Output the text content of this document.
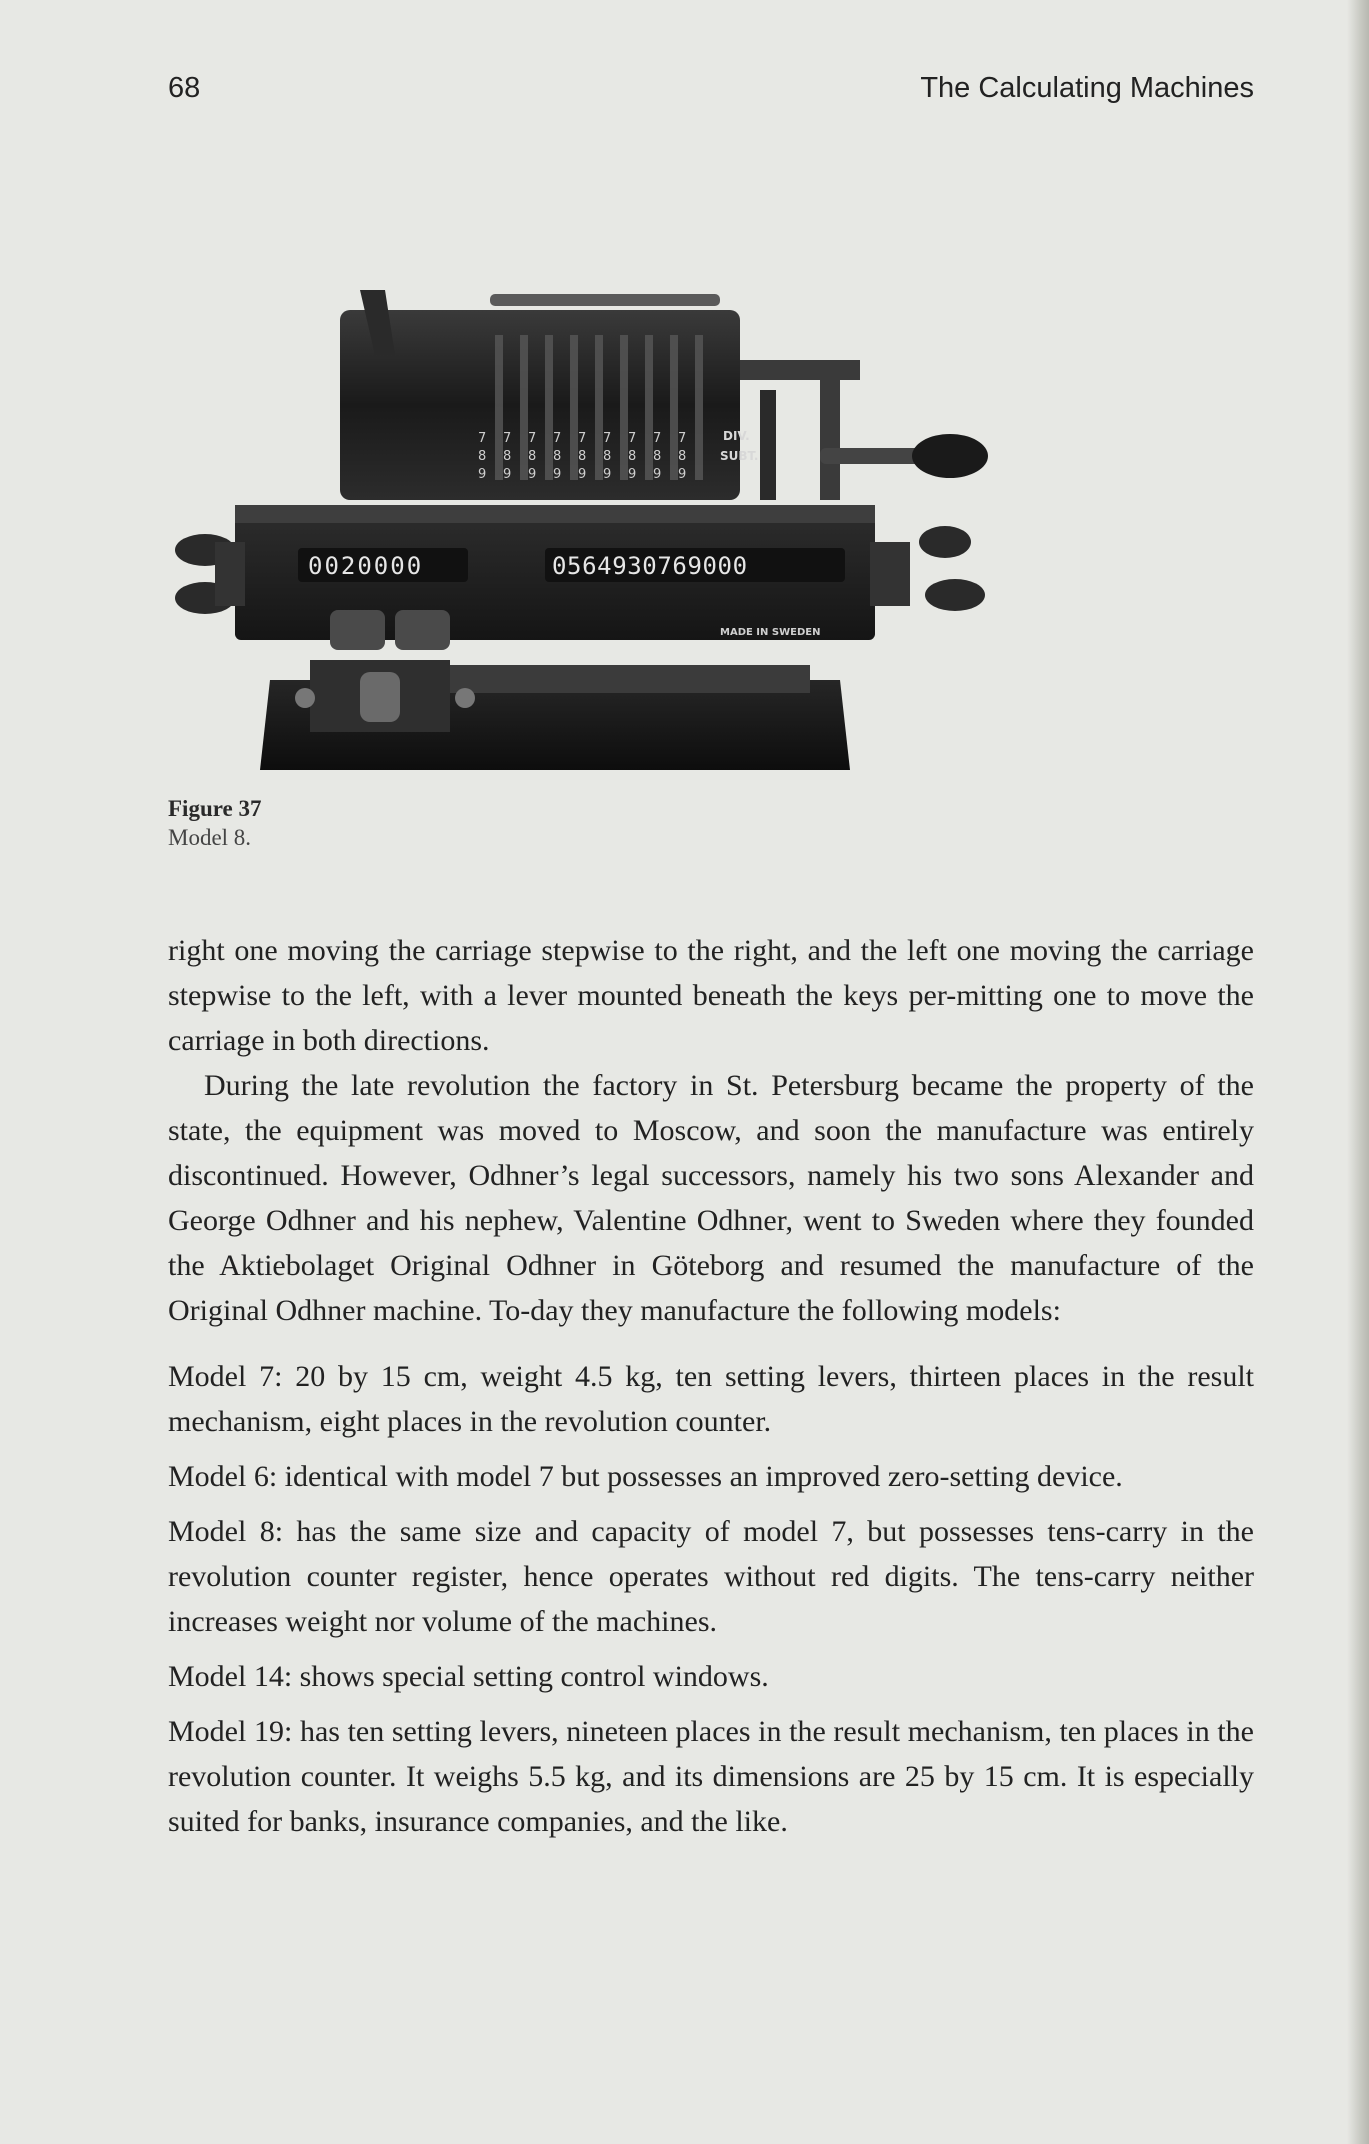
68	The Calculating Machines
8 8 8 8 8 8 8 8 8
9 9 9 9 9 9 9 9 9
7 7 7 7 7 7 7 7 7	DIV.
SUBT.
0020000	0564930769000
MADE IN SWEDEN
Figure 37
Model 8.

right one moving the carriage stepwise to the right, and the left one moving the carriage stepwise to the left, with a lever mounted beneath the keys per-mitting one to move the carriage in both directions.

During the late revolution the factory in St. Petersburg became the property of the state, the equipment was moved to Moscow, and soon the manufacture was entirely discontinued. However, Odhner’s legal successors, namely his two sons Alexander and George Odhner and his nephew, Valentine Odhner, went to Sweden where they founded the Aktiebolaget Original Odhner in Göteborg and resumed the manufacture of the Original Odhner machine. To-day they manufacture the following models:

Model 7: 20 by 15 cm, weight 4.5 kg, ten setting levers, thirteen places in the result mechanism, eight places in the revolution counter.

Model 6: identical with model 7 but possesses an improved zero-setting device.

Model 8: has the same size and capacity of model 7, but possesses tens-carry in the revolution counter register, hence operates without red digits. The tens-carry neither increases weight nor volume of the machines.

Model 14: shows special setting control windows.

Model 19: has ten setting levers, nineteen places in the result mechanism, ten places in the revolution counter. It weighs 5.5 kg, and its dimensions are 25 by 15 cm. It is especially suited for banks, insurance companies, and the like.
